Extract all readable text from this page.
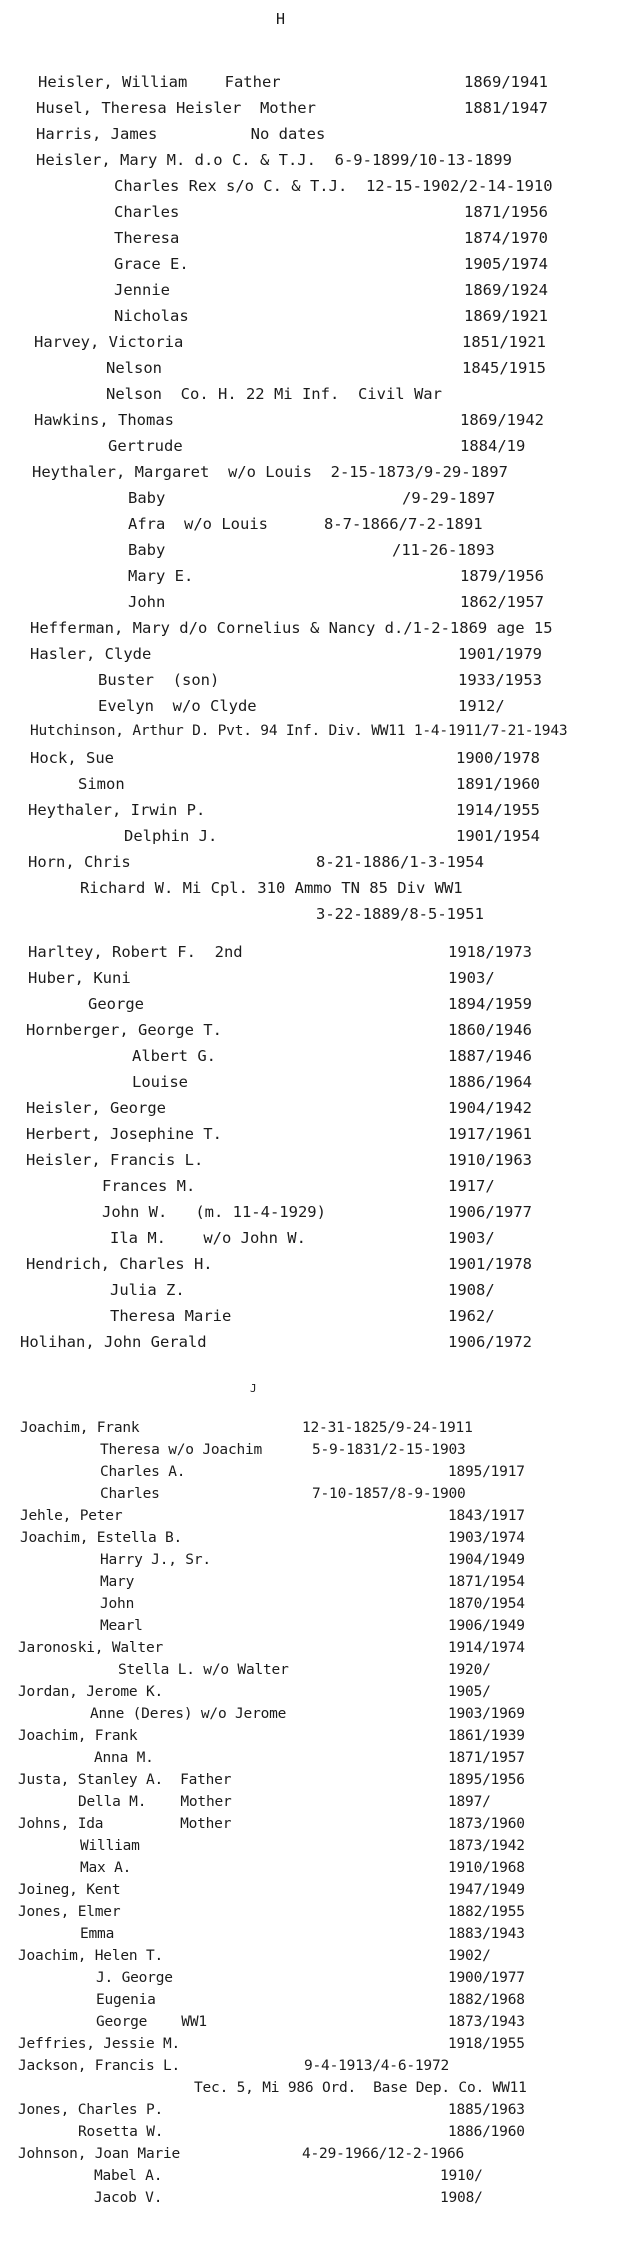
H
J
Heisler, William    Father	1869/1941
Husel, Theresa Heisler  Mother	1881/1947
Harris, James          No dates
Heisler, Mary M. d.o C. & T.J.  6-9-1899/10-13-1899
Charles Rex s/o C. & T.J.  12-15-1902/2-14-1910
Charles	1871/1956
Theresa	1874/1970
Grace E.	1905/1974
Jennie	1869/1924
Nicholas	1869/1921
Harvey, Victoria	1851/1921
Nelson	1845/1915
Nelson  Co. H. 22 Mi Inf.  Civil War
Hawkins, Thomas	1869/1942
Gertrude	1884/19
Heythaler, Margaret  w/o Louis  2-15-1873/9-29-1897
Baby	/9-29-1897
Afra  w/o Louis      8-7-1866/7-2-1891
Baby	/11-26-1893
Mary E.	1879/1956
John	1862/1957
Hefferman, Mary d/o Cornelius & Nancy d./1-2-1869 age 15
Hasler, Clyde	1901/1979
Buster  (son)	1933/1953
Evelyn  w/o Clyde	1912/
Hutchinson, Arthur D. Pvt. 94 Inf. Div. WW11 1-4-1911/7-21-1943
Hock, Sue	1900/1978
Simon	1891/1960
Heythaler, Irwin P.	1914/1955
Delphin J.	1901/1954
Horn, Chris	8-21-1886/1-3-1954
Richard W. Mi Cpl. 310 Ammo TN 85 Div WW1
3-22-1889/8-5-1951
Harltey, Robert F.  2nd	1918/1973
Huber, Kuni	1903/
George	1894/1959
Hornberger, George T.	1860/1946
Albert G.	1887/1946
Louise	1886/1964
Heisler, George	1904/1942
Herbert, Josephine T.	1917/1961
Heisler, Francis L.	1910/1963
Frances M.	1917/
John W.   (m. 11-4-1929)	1906/1977
Ila M.    w/o John W.	1903/
Hendrich, Charles H.	1901/1978
Julia Z.	1908/
Theresa Marie	1962/
Holihan, John Gerald	1906/1972
Joachim, Frank	12-31-1825/9-24-1911
Theresa w/o Joachim	5-9-1831/2-15-1903
Charles A.	1895/1917
Charles	7-10-1857/8-9-1900
Jehle, Peter	1843/1917
Joachim, Estella B.	1903/1974
Harry J., Sr.	1904/1949
Mary	1871/1954
John	1870/1954
Mearl	1906/1949
Jaronoski, Walter	1914/1974
Stella L. w/o Walter	1920/
Jordan, Jerome K.	1905/
Anne (Deres) w/o Jerome	1903/1969
Joachim, Frank	1861/1939
Anna M.	1871/1957
Justa, Stanley A.  Father	1895/1956
Della M.    Mother	1897/
Johns, Ida         Mother	1873/1960
William	1873/1942
Max A.	1910/1968
Joineg, Kent	1947/1949
Jones, Elmer	1882/1955
Emma	1883/1943
Joachim, Helen T.	1902/
J. George	1900/1977
Eugenia	1882/1968
George    WW1	1873/1943
Jeffries, Jessie M.	1918/1955
Jackson, Francis L.	9-4-1913/4-6-1972
Tec. 5, Mi 986 Ord.  Base Dep. Co. WW11
Jones, Charles P.	1885/1963
Rosetta W.	1886/1960
Johnson, Joan Marie	4-29-1966/12-2-1966
Mabel A.	1910/
Jacob V.	1908/
